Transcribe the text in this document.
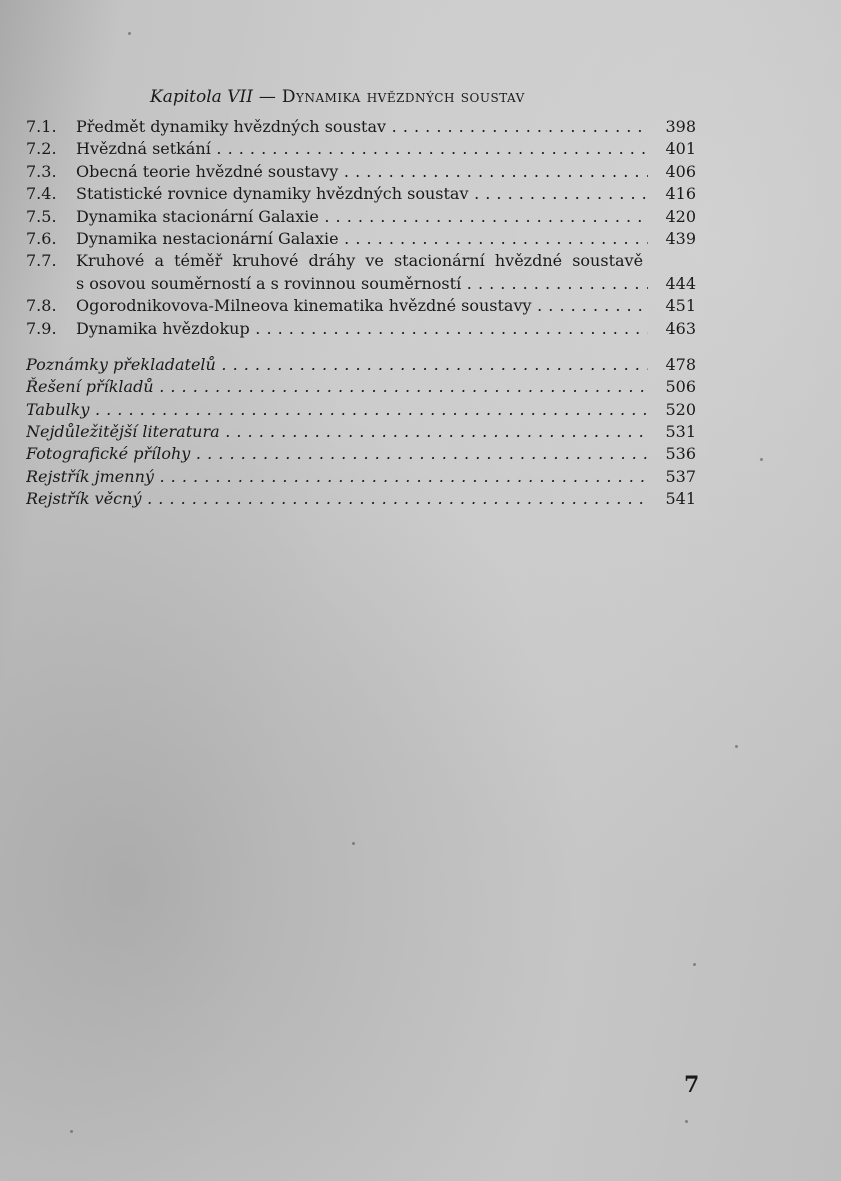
Kapitola VII — Dynamika hvězdných soustav
7.1.	Předmět dynamiky hvězdných soustav . . .	398
7.2.	Hvězdná setkání . . .	401
7.3.	Obecná teorie hvězdné soustavy . . .	406
7.4.	Statistické rovnice dynamiky hvězdných soustav . . .	416
7.5.	Dynamika stacionární Galaxie . . .	420
7.6.	Dynamika nestacionární Galaxie . . .	439
7.7.	Kruhové a téměř kruhové dráhy ve stacionární hvězdné soustavě
s osovou souměrností a s rovinnou souměrností . . .	444
7.8.	Ogorodnikovova-Milneova kinematika hvězdné soustavy . . .	451
7.9.	Dynamika hvězdokup . . .	463
Poznámky překladatelů . . .	478
Řešení příkladů . . .	506
Tabulky . . .	520
Nejdůležitější literatura . . .	531
Fotografické přílohy . . .	536
Rejstřík jmenný . . .	537
Rejstřík věcný . . .	541
7
